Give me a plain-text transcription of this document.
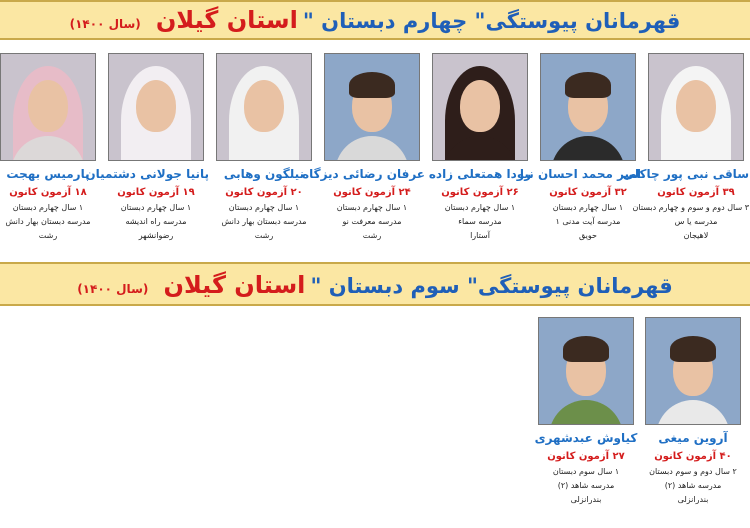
قهرمانان پیوستگی" چهارم دبستان " استان گیلان (سال ۱۴۰۰)
ساقی نبی پور چاکلی
۳۹ آزمون کانون
۳ سال دوم و سوم و چهارم دبستان
مدرسه یا س
لاهیجان
امیر محمد احسان نیا
۳۲ آزمون کانون
۱ سال چهارم دبستان
مدرسه آیت مدنی ۱
حویق
رودا همتعلی زاده
۲۶ آزمون کانون
۱ سال چهارم دبستان
مدرسه سماء
آستارا
عرفان رضائی دیزگاه
۲۴ آزمون کانون
۱ سال چهارم دبستان
مدرسه معرفت نو
رشت
نیلگون وهابی
۲۰ آزمون کانون
۱ سال چهارم دبستان
مدرسه دبستان بهار دانش
رشت
پانیا جولانی دشتمیان
۱۹ آزمون کانون
۱ سال چهارم دبستان
مدرسه راه اندیشه
رضوانشهر
پارمیس بهجت
۱۸ آزمون کانون
۱ سال چهارم دبستان
مدرسه دبستان بهار دانش
رشت
قهرمانان پیوستگی" سوم دبستان " استان گیلان (سال ۱۴۰۰)
آروین میغی
۴۰ آزمون کانون
۲ سال دوم و سوم دبستان
مدرسه شاهد (۲)
بندرانزلی
کیاوش عبدشهری
۲۷ آزمون کانون
۱ سال سوم دبستان
مدرسه شاهد (۲)
بندرانزلی
